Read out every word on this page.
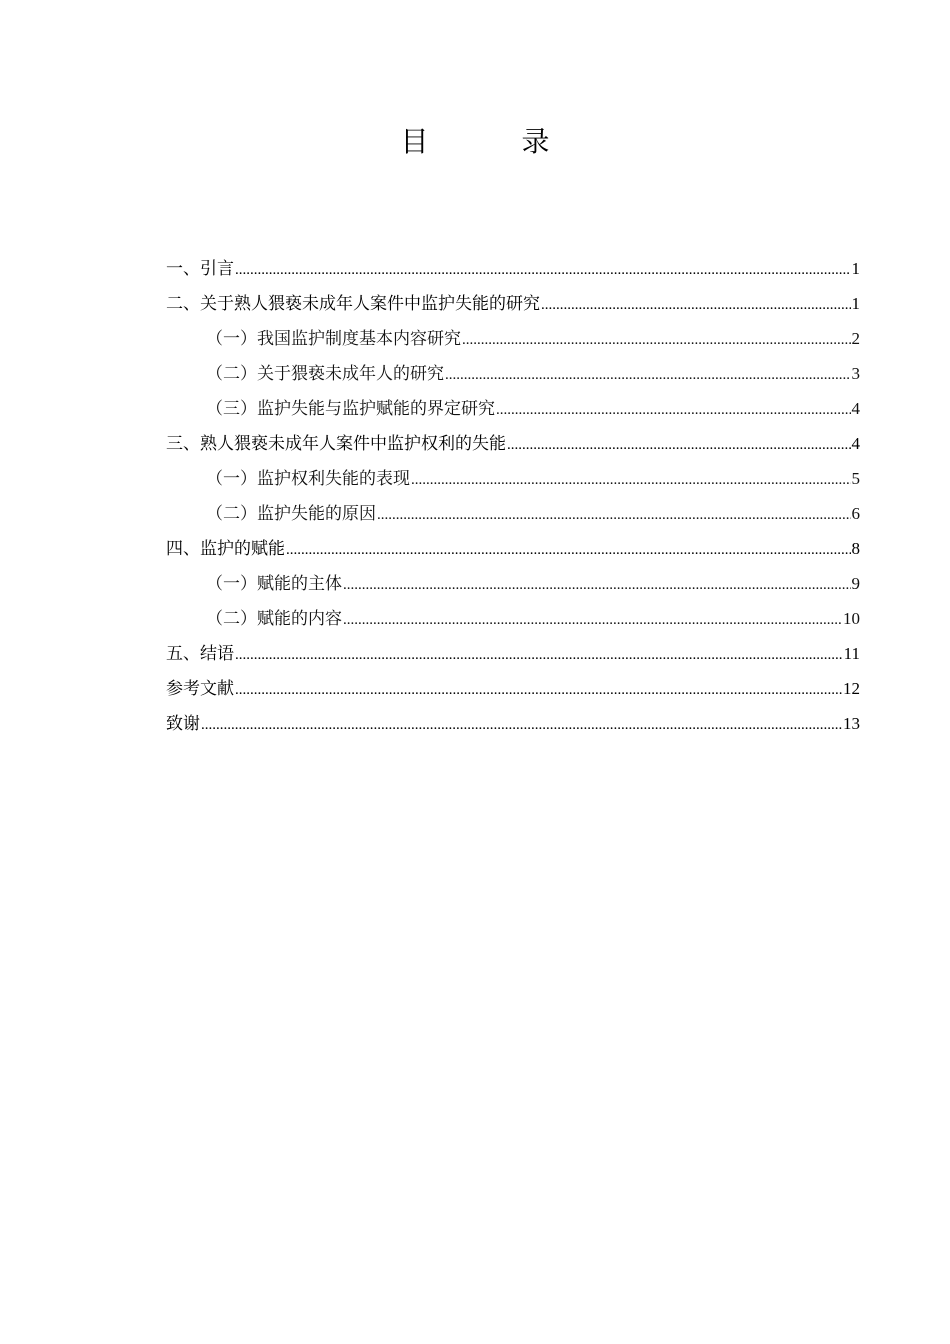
目 录
一、引言 .....	1
二、关于熟人猥亵未成年人案件中监护失能的研究 .....	1
（一）我国监护制度基本内容研究 .....	2
（二）关于猥亵未成年人的研究 .....	3
（三）监护失能与监护赋能的界定研究 .....	4
三、熟人猥亵未成年人案件中监护权利的失能 .....	4
（一）监护权利失能的表现 .....	5
（二）监护失能的原因 .....	6
四、监护的赋能 .....	8
（一）赋能的主体 .....	9
（二）赋能的内容 .....	10
五、结语 .....	11
参考文献 .....	12
致谢 .....	13
